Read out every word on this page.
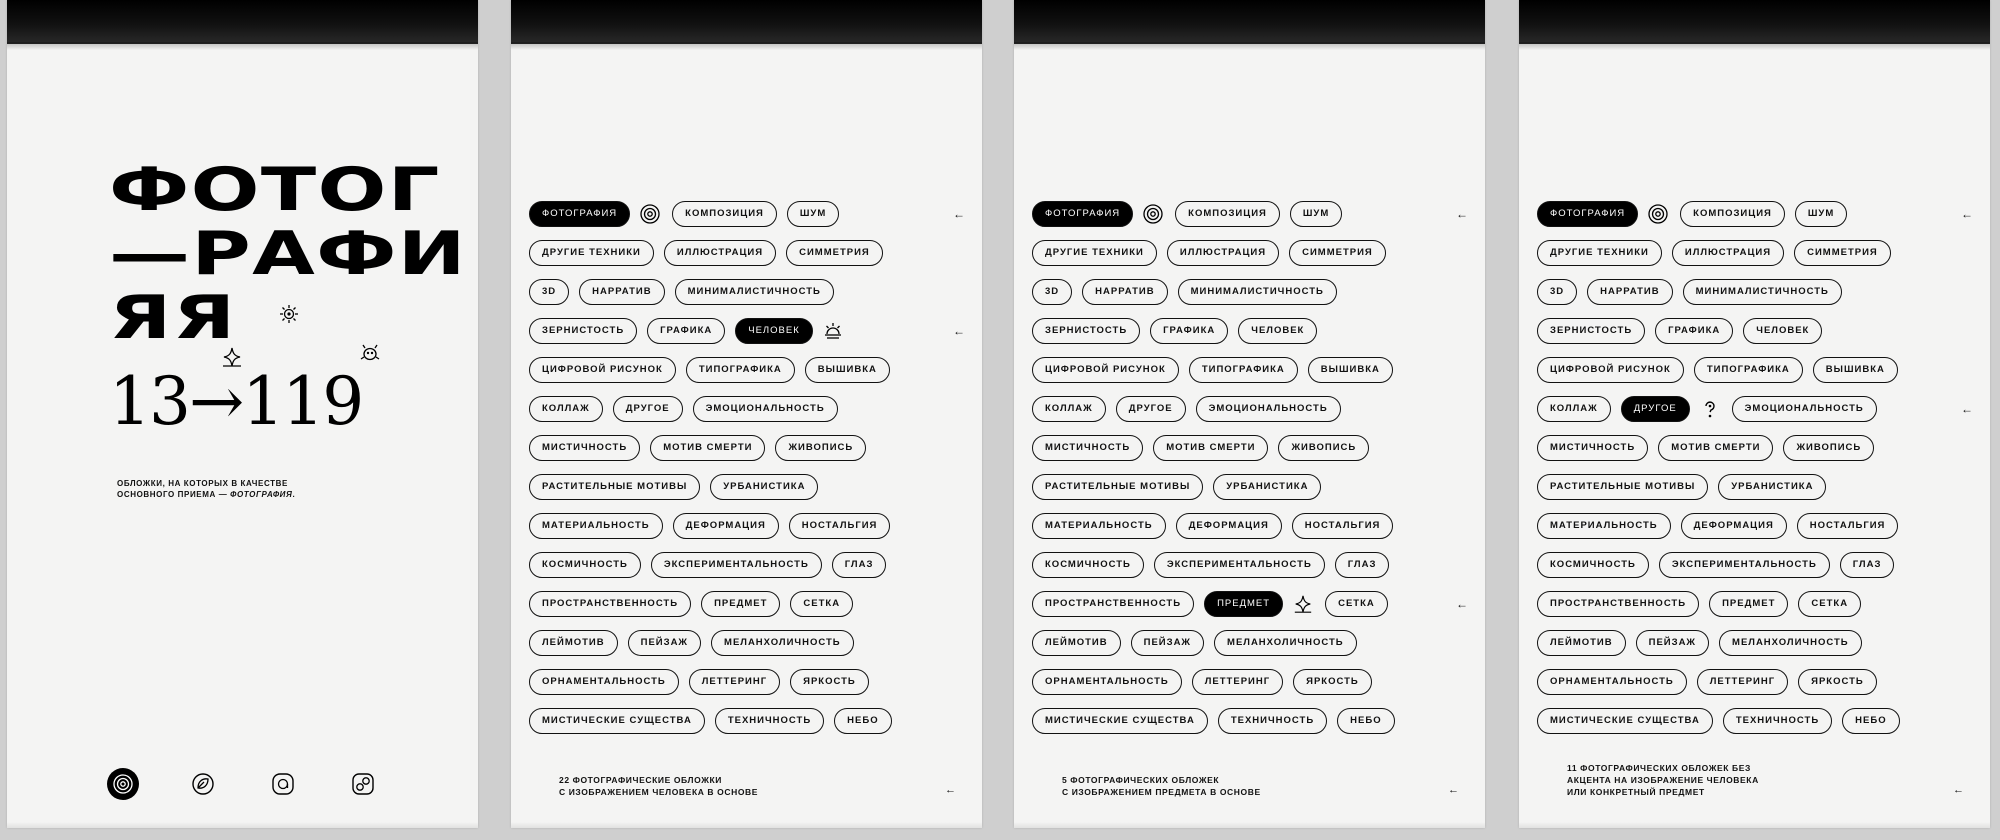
ФОТОГ
—РАФИ
ЯЯ
13→119
ОБЛОЖКИ, НА КОТОРЫХ В КАЧЕСТВЕ
ОСНОВНОГО ПРИЕМА — ФОТОГРАФИЯ.
ФОТОГРАФИЯ	КОМПОЗИЦИЯ	ШУМ	←
ДРУГИЕ ТЕХНИКИ	ИЛЛЮСТРАЦИЯ	СИММЕТРИЯ
3D	НАРРАТИВ	МИНИМАЛИСТИЧНОСТЬ
ЗЕРНИСТОСТЬ	ГРАФИКА	ЧЕЛОВЕК	←
ЦИФРОВОЙ РИСУНОК	ТИПОГРАФИКА	ВЫШИВКА
КОЛЛАЖ	ДРУГОЕ	ЭМОЦИОНАЛЬНОСТЬ
МИСТИЧНОСТЬ	МОТИВ СМЕРТИ	ЖИВОПИСЬ
РАСТИТЕЛЬНЫЕ МОТИВЫ	УРБАНИСТИКА
МАТЕРИАЛЬНОСТЬ	ДЕФОРМАЦИЯ	НОСТАЛЬГИЯ
КОСМИЧНОСТЬ	ЭКСПЕРИМЕНТАЛЬНОСТЬ	ГЛАЗ
ПРОСТРАНСТВЕННОСТЬ	ПРЕДМЕТ	СЕТКА
ЛЕЙМОТИВ	ПЕЙЗАЖ	МЕЛАНХОЛИЧНОСТЬ
ОРНАМЕНТАЛЬНОСТЬ	ЛЕТТЕРИНГ	ЯРКОСТЬ
МИСТИЧЕСКИЕ СУЩЕСТВА	ТЕХНИЧНОСТЬ	НЕБО
22 ФОТОГРАФИЧЕСКИЕ ОБЛОЖКИ
С ИЗОБРАЖЕНИЕМ ЧЕЛОВЕКА В ОСНОВЕ	←
ФОТОГРАФИЯ	КОМПОЗИЦИЯ	ШУМ	←
ДРУГИЕ ТЕХНИКИ	ИЛЛЮСТРАЦИЯ	СИММЕТРИЯ
3D	НАРРАТИВ	МИНИМАЛИСТИЧНОСТЬ
ЗЕРНИСТОСТЬ	ГРАФИКА	ЧЕЛОВЕК
ЦИФРОВОЙ РИСУНОК	ТИПОГРАФИКА	ВЫШИВКА
КОЛЛАЖ	ДРУГОЕ	ЭМОЦИОНАЛЬНОСТЬ
МИСТИЧНОСТЬ	МОТИВ СМЕРТИ	ЖИВОПИСЬ
РАСТИТЕЛЬНЫЕ МОТИВЫ	УРБАНИСТИКА
МАТЕРИАЛЬНОСТЬ	ДЕФОРМАЦИЯ	НОСТАЛЬГИЯ
КОСМИЧНОСТЬ	ЭКСПЕРИМЕНТАЛЬНОСТЬ	ГЛАЗ
ПРОСТРАНСТВЕННОСТЬ	ПРЕДМЕТ	СЕТКА	←
ЛЕЙМОТИВ	ПЕЙЗАЖ	МЕЛАНХОЛИЧНОСТЬ
ОРНАМЕНТАЛЬНОСТЬ	ЛЕТТЕРИНГ	ЯРКОСТЬ
МИСТИЧЕСКИЕ СУЩЕСТВА	ТЕХНИЧНОСТЬ	НЕБО
5 ФОТОГРАФИЧЕСКИХ ОБЛОЖЕК
С ИЗОБРАЖЕНИЕМ ПРЕДМЕТА В ОСНОВЕ	←
ФОТОГРАФИЯ	КОМПОЗИЦИЯ	ШУМ	←
ДРУГИЕ ТЕХНИКИ	ИЛЛЮСТРАЦИЯ	СИММЕТРИЯ
3D	НАРРАТИВ	МИНИМАЛИСТИЧНОСТЬ
ЗЕРНИСТОСТЬ	ГРАФИКА	ЧЕЛОВЕК
ЦИФРОВОЙ РИСУНОК	ТИПОГРАФИКА	ВЫШИВКА
КОЛЛАЖ	ДРУГОЕ	ЭМОЦИОНАЛЬНОСТЬ	←
МИСТИЧНОСТЬ	МОТИВ СМЕРТИ	ЖИВОПИСЬ
РАСТИТЕЛЬНЫЕ МОТИВЫ	УРБАНИСТИКА
МАТЕРИАЛЬНОСТЬ	ДЕФОРМАЦИЯ	НОСТАЛЬГИЯ
КОСМИЧНОСТЬ	ЭКСПЕРИМЕНТАЛЬНОСТЬ	ГЛАЗ
ПРОСТРАНСТВЕННОСТЬ	ПРЕДМЕТ	СЕТКА
ЛЕЙМОТИВ	ПЕЙЗАЖ	МЕЛАНХОЛИЧНОСТЬ
ОРНАМЕНТАЛЬНОСТЬ	ЛЕТТЕРИНГ	ЯРКОСТЬ
МИСТИЧЕСКИЕ СУЩЕСТВА	ТЕХНИЧНОСТЬ	НЕБО
11 ФОТОГРАФИЧЕСКИХ ОБЛОЖЕК БЕЗ
АКЦЕНТА НА ИЗОБРАЖЕНИЕ ЧЕЛОВЕКА
ИЛИ КОНКРЕТНЫЙ ПРЕДМЕТ	←
